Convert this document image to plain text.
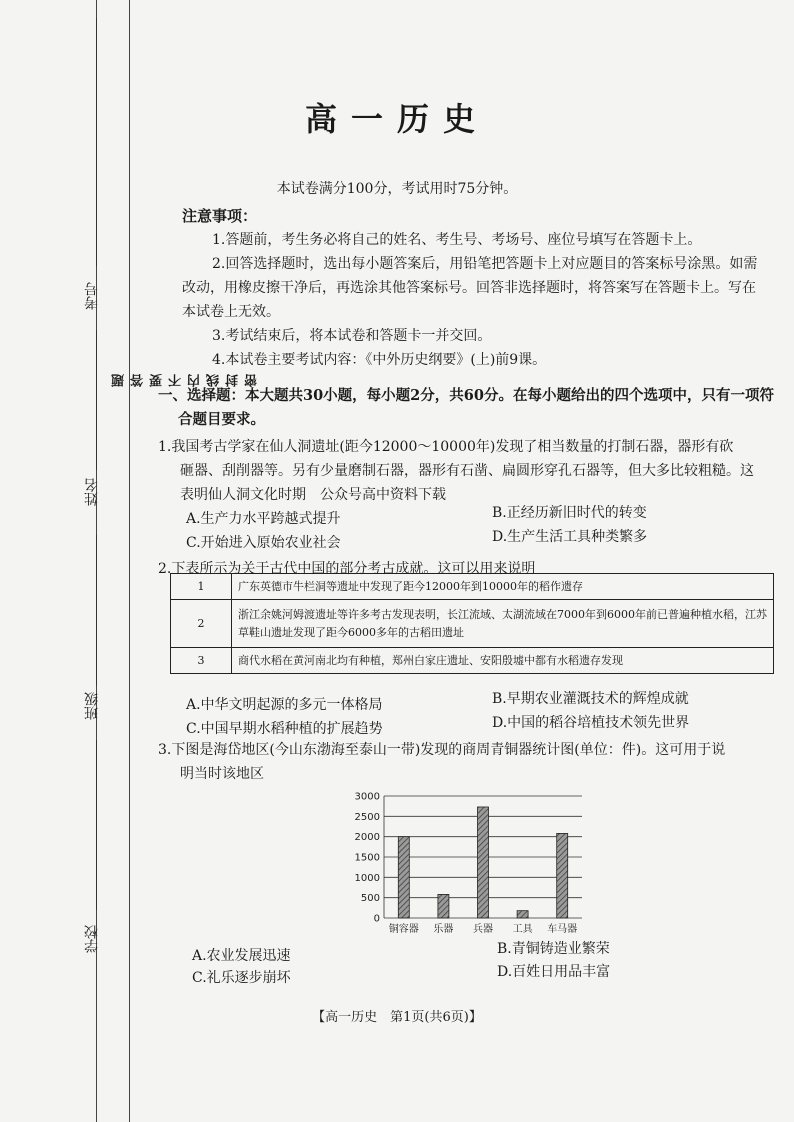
考号
姓名
班级
学校
题 答 要 不 内 线 封 密
高一历史
本试卷满分100分，考试用时75分钟。
注意事项：

1.答题前，考生务必将自己的姓名、考生号、考场号、座位号填写在答题卡上。

2.回答选择题时，选出每小题答案后，用铅笔把答题卡上对应题目的答案标号涂黑。如需改动，用橡皮擦干净后，再选涂其他答案标号。回答非选择题时，将答案写在答题卡上。写在本试卷上无效。

3.考试结束后，将本试卷和答题卡一并交回。

4.本试卷主要考试内容：《中外历史纲要》(上)前9课。

一、选择题：本大题共30小题，每小题2分，共60分。在每小题给出的四个选项中，只有一项符
合题目要求。

1.我国考古学家在仙人洞遗址(距今12000～10000年)发现了相当数量的打制石器，器形有砍

砸器、刮削器等。另有少量磨制石器，器形有石凿、扁圆形穿孔石器等，但大多比较粗糙。这

表明仙人洞文化时期　公众号高中资料下载

A.生产力水平跨越式提升	B.正经历新旧时代的转变
C.开始进入原始农业社会	D.生产生活工具种类繁多

2.下表所示为关于古代中国的部分考古成就。这可以用来说明

1	广东英德市牛栏洞等遗址中发现了距今12000年到10000年的稻作遗存
2	浙江余姚河姆渡遗址等许多考古发现表明，长江流域、太湖流域在7000年到6000年前已普遍种植水稻，江苏草鞋山遗址发现了距今6000多年的古稻田遗址
3	商代水稻在黄河南北均有种植，郑州白家庄遗址、安阳殷墟中都有水稻遗存发现
A.中华文明起源的多元一体格局	B.早期农业灌溉技术的辉煌成就
C.中国早期水稻种植的扩展趋势	D.中国的稻谷培植技术领先世界

3.下图是海岱地区(今山东渤海至泰山一带)发现的商周青铜器统计图(单位：件)。这可用于说

明当时该地区

0
500
1000
1500
2000
2500
3000
铜容器 乐器 兵器 工具 车马器
A.农业发展迅速	B.青铜铸造业繁荣
C.礼乐逐步崩坏	D.百姓日用品丰富
【高一历史　第1页(共6页)】
